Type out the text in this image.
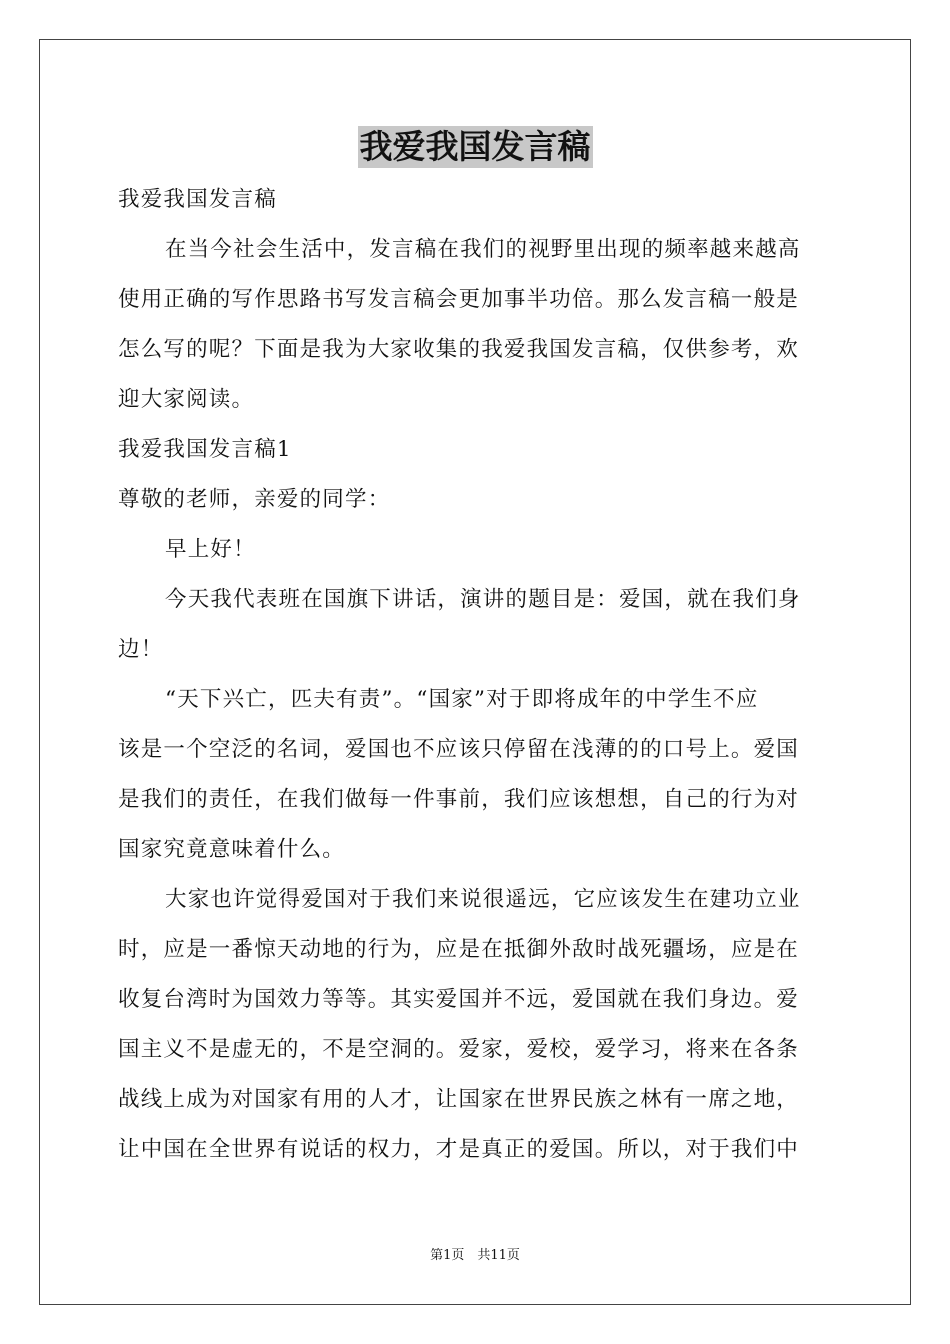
我爱我国发言稿
我爱我国发言稿
在当今社会生活中，发言稿在我们的视野里出现的频率越来越高
使用正确的写作思路书写发言稿会更加事半功倍。那么发言稿一般是
怎么写的呢？下面是我为大家收集的我爱我国发言稿，仅供参考，欢
迎大家阅读。
我爱我国发言稿1
尊敬的老师，亲爱的同学：
早上好！
今天我代表班在国旗下讲话，演讲的题目是：爱国，就在我们身
边！
“天下兴亡，匹夫有责”。“国家”对于即将成年的中学生不应
该是一个空泛的名词，爱国也不应该只停留在浅薄的的口号上。爱国
是我们的责任，在我们做每一件事前，我们应该想想，自己的行为对
国家究竟意味着什么。
大家也许觉得爱国对于我们来说很遥远，它应该发生在建功立业
时，应是一番惊天动地的行为，应是在抵御外敌时战死疆场，应是在
收复台湾时为国效力等等。其实爱国并不远，爱国就在我们身边。爱
国主义不是虚无的，不是空洞的。爱家，爱校，爱学习，将来在各条
战线上成为对国家有用的人才，让国家在世界民族之林有一席之地，
让中国在全世界有说话的权力，才是真正的爱国。所以，对于我们中
第1页　共11页
